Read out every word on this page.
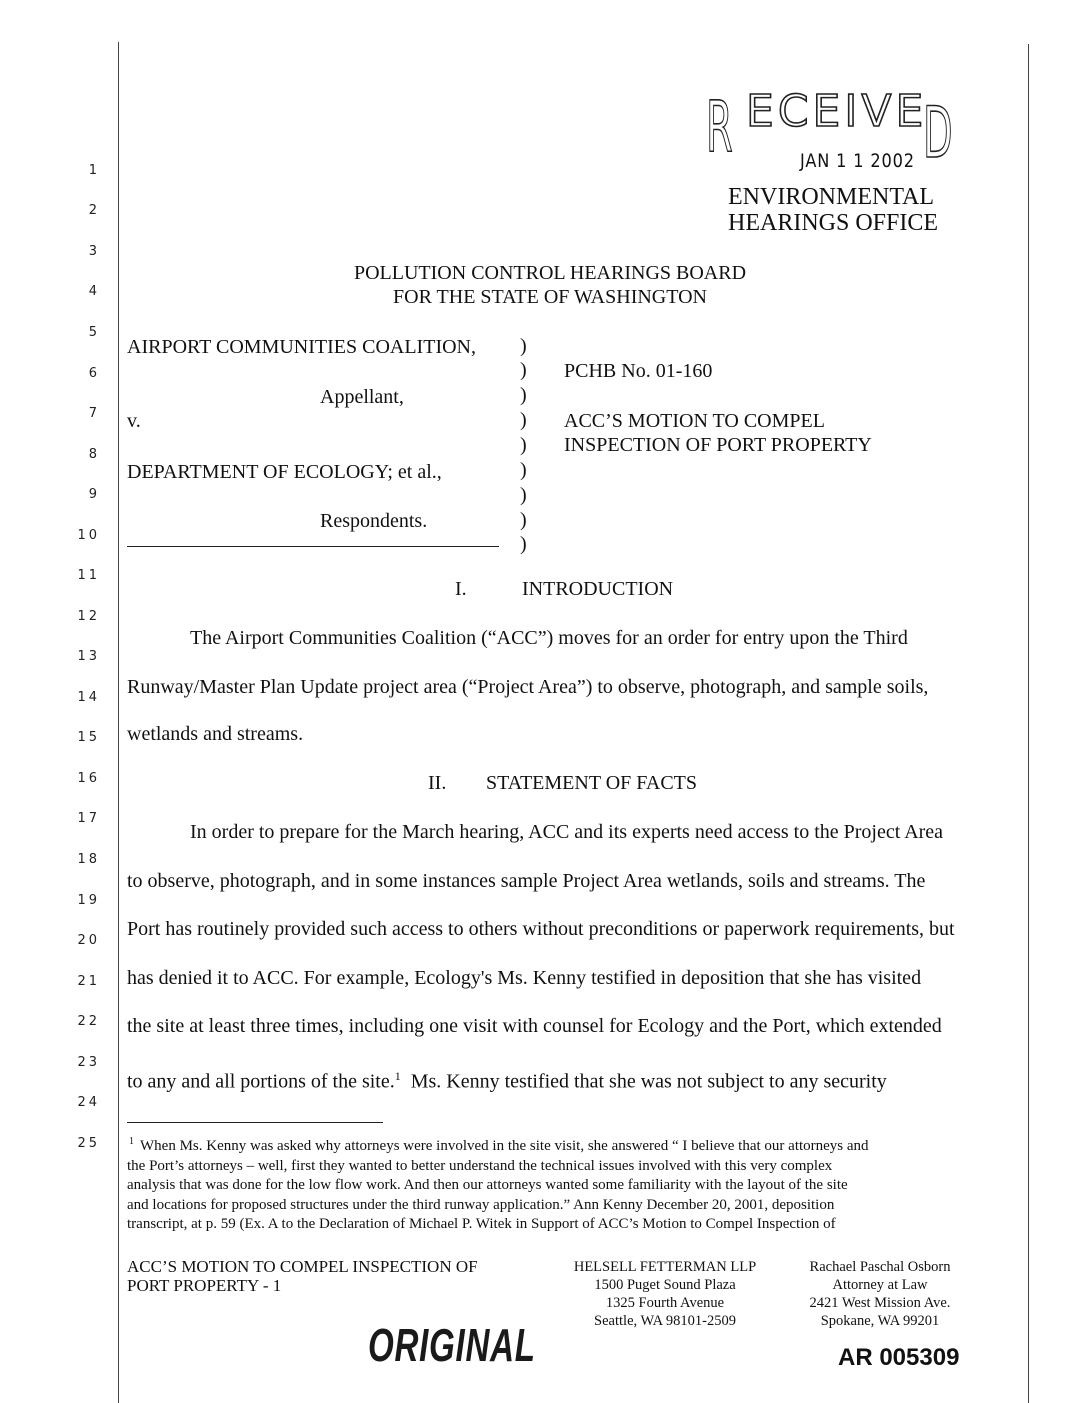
R ECEIVED
JAN 1 1 2002
ENVIRONMENTAL
HEARINGS OFFICE
1
2
3
4
5
6
7
8
9
10
11
12
13
14
15
16
17
18
19
20
21
22
23
24
25
POLLUTION CONTROL HEARINGS BOARD
FOR THE STATE OF WASHINGTON
AIRPORT COMMUNITIES COALITION,
Appellant,
v.
DEPARTMENT OF ECOLOGY; et al.,
Respondents.
)
)
)
)
)
)
)
)
)
PCHB No. 01-160
ACC’S MOTION TO COMPEL
INSPECTION OF PORT PROPERTY
I.	INTRODUCTION
The Airport Communities Coalition (“ACC”) moves for an order for entry upon the Third
Runway/Master Plan Update project area (“Project Area”) to observe, photograph, and sample soils,
wetlands and streams.
II. STATEMENT OF FACTS
In order to prepare for the March hearing, ACC and its experts need access to the Project Area
to observe, photograph, and in some instances sample Project Area wetlands, soils and streams. The
Port has routinely provided such access to others without preconditions or paperwork requirements, but
has denied it to ACC. For example, Ecology's Ms. Kenny testified in deposition that she has visited
the site at least three times, including one visit with counsel for Ecology and the Port, which extended
to any and all portions of the site.$^1$ Ms. Kenny testified that she was not subject to any security
$^1$ When Ms. Kenny was asked why attorneys were involved in the site visit, she answered “ I believe that our attorneys and
the Port’s attorneys – well, first they wanted to better understand the technical issues involved with this very complex
analysis that was done for the low flow work. And then our attorneys wanted some familiarity with the layout of the site
and locations for proposed structures under the third runway application.” Ann Kenny December 20, 2001, deposition
transcript, at p. 59 (Ex. A to the Declaration of Michael P. Witek in Support of ACC’s Motion to Compel Inspection of
ACC’S MOTION TO COMPEL INSPECTION OF
PORT PROPERTY - 1
HELSELL FETTERMAN LLP
1500 Puget Sound Plaza
1325 Fourth Avenue
Seattle, WA 98101-2509
Rachael Paschal Osborn
Attorney at Law
2421 West Mission Ave.
Spokane, WA 99201
ORIGINAL	AR 005309
